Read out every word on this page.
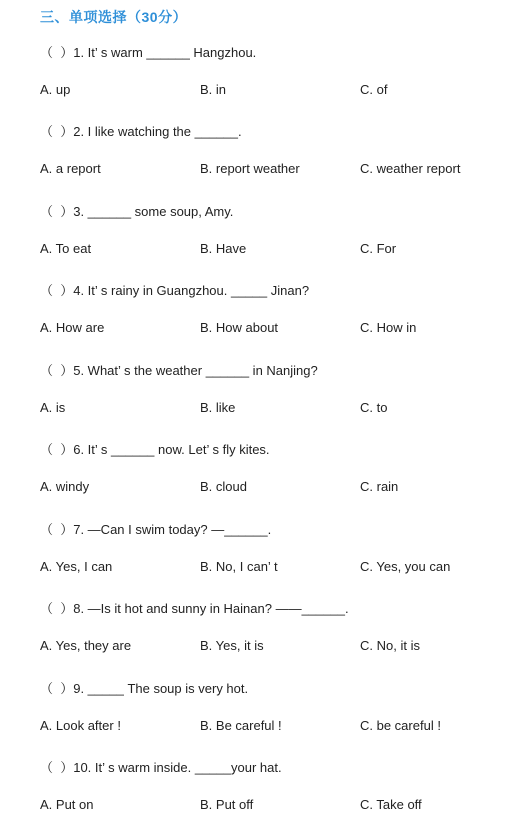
三、单项选择（30分）
（  ）1. It’ s warm ______ Hangzhou.
A. up	B. in	C. of
（  ）2. I like watching the ______.
A. a report	B. report weather	C. weather report
（  ）3. ______ some soup, Amy.
A. To eat	B. Have	C. For
（  ）4. It’ s rainy in Guangzhou. _____ Jinan?
A. How are	B. How about	C. How in
（  ）5. What’ s the weather ______ in Nanjing?
A. is	B. like	C. to
（  ）6. It’ s ______ now. Let’ s fly kites.
A. windy	B. cloud	C. rain
（  ）7. —Can I swim today? —______.
A. Yes, I can	B. No, I can’ t	C. Yes, you can
（  ）8. —Is it hot and sunny in Hainan? ——______.
A. Yes, they are	B. Yes, it is	C. No, it is
（  ）9. _____ The soup is very hot.
A. Look after !	B. Be careful !	C. be careful !
（  ）10. It’ s warm inside. _____your hat.
A. Put on	B. Put off	C. Take off
